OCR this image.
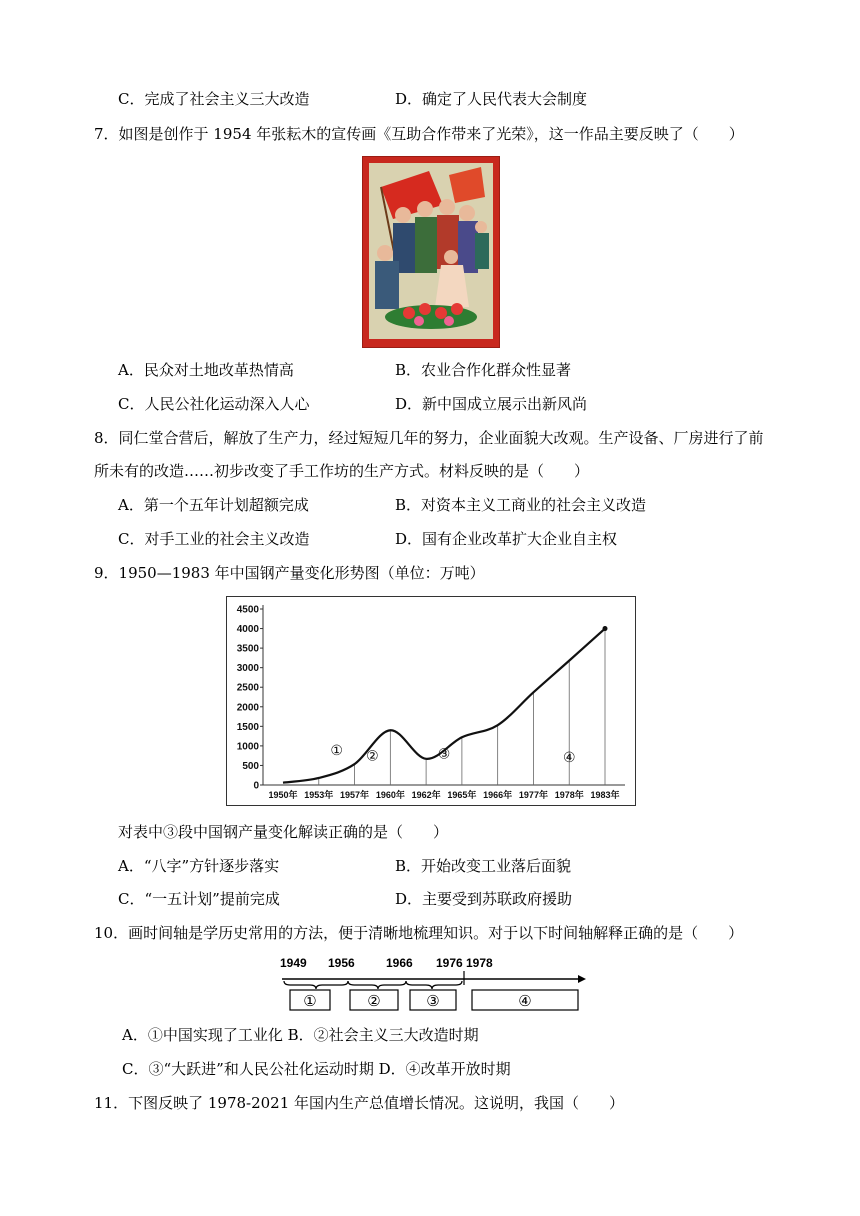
C．完成了社会主义三大改造	D．确定了人民代表大会制度
7．如图是创作于 1954 年张耘木的宣传画《互助合作带来了光荣》，这一作品主要反映了（　　）
A．民众对土地改革热情高	B．农业合作化群众性显著
C．人民公社化运动深入人心	D．新中国成立展示出新风尚
8．同仁堂合营后，解放了生产力，经过短短几年的努力，企业面貌大改观。生产设备、厂房进行了前
所未有的改造……初步改变了手工作坊的生产方式。材料反映的是（　　）
A．第一个五年计划超额完成	B．对资本主义工商业的社会主义改造
C．对手工业的社会主义改造	D．国有企业改革扩大企业自主权
9．1950—1983 年中国钢产量变化形势图（单位：万吨）
0
500
1000
1500
2000
2500
3000
3500
4000
4500
1950年 1953年 1957年 1960年 1962年 1965年 1966年 1977年 1978年 1983年
① ②	③	④
对表中③段中国钢产量变化解读正确的是（　　）
A．“八字”方针逐步落实	B．开始改变工业落后面貌
C．“一五计划”提前完成	D．主要受到苏联政府援助
10．画时间轴是学历史常用的方法，便于清晰地梳理知识。对于以下时间轴解释正确的是（　　）
1949 1956	1966 1976 1978
①	②	③	④
A．①中国实现了工业化 B．②社会主义三大改造时期
C．③“大跃进”和人民公社化运动时期 D．④改革开放时期
11．下图反映了 1978-2021 年国内生产总值增长情况。这说明，我国（　　）
